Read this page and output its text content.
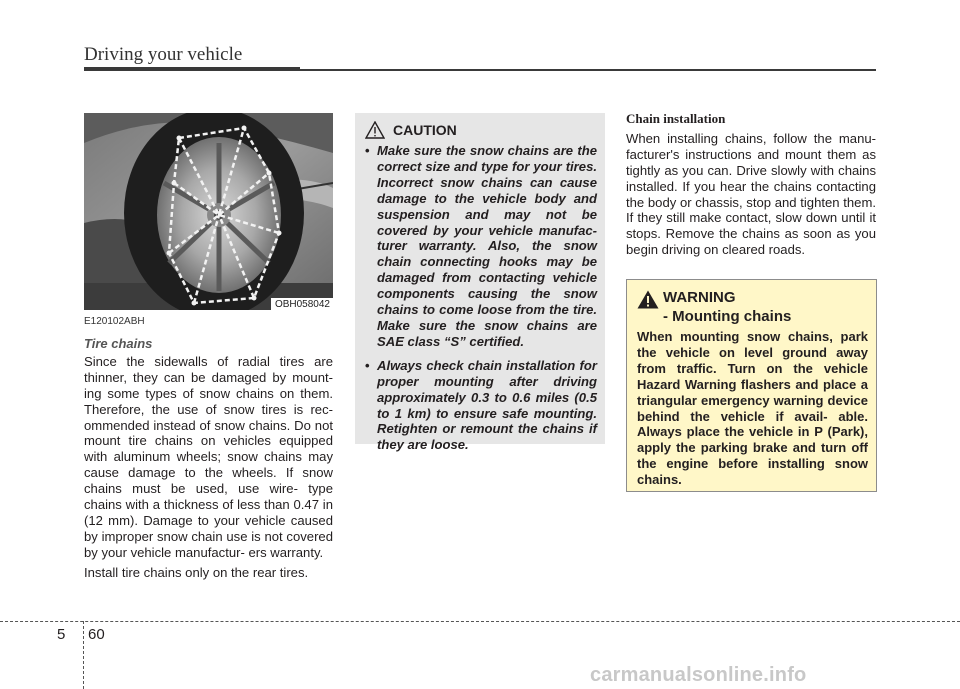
Driving your vehicle
OBH058042
E120102ABH
Tire chains

Since the sidewalls of radial tires are thinner, they can be damaged by mount- ing some types of snow chains on them. Therefore, the use of snow tires is rec- ommended instead of snow chains. Do not mount tire chains on vehicles equipped with aluminum wheels; snow chains may cause damage to the wheels. If snow chains must be used, use wire- type chains with a thickness of less than 0.47 in (12 mm). Damage to your vehicle caused by improper snow chain use is not covered by your vehicle manufactur- ers warranty.

Install tire chains only on the rear tires.

CAUTION
• Make sure the snow chains are the correct size and type for your tires. Incorrect snow chains can cause damage to the vehicle body and suspension and may not be covered by your vehicle manufac- turer warranty. Also, the snow chain connecting hooks may be damaged from contacting vehicle components causing the snow chains to come loose from the tire. Make sure the snow chains are SAE class “S” certified.
• Always check chain installation for proper mounting after driving approximately 0.3 to 0.6 miles (0.5 to 1 km) to ensure safe mounting. Retighten or remount the chains if they are loose.
Chain installation

When installing chains, follow the manu- facturer's instructions and mount them as tightly as you can. Drive slowly with chains installed. If you hear the chains contacting the body or chassis, stop and tighten them. If they still make contact, slow down until it stops. Remove the chains as soon as you begin driving on cleared roads.

WARNING
- Mounting chains
When mounting snow chains, park the vehicle on level ground away from traffic. Turn on the vehicle Hazard Warning flashers and place a triangular emergency warning device behind the vehicle if avail- able. Always place the vehicle in P (Park), apply the parking brake and turn off the engine before installing snow chains.
5 60
carmanualsonline.info
